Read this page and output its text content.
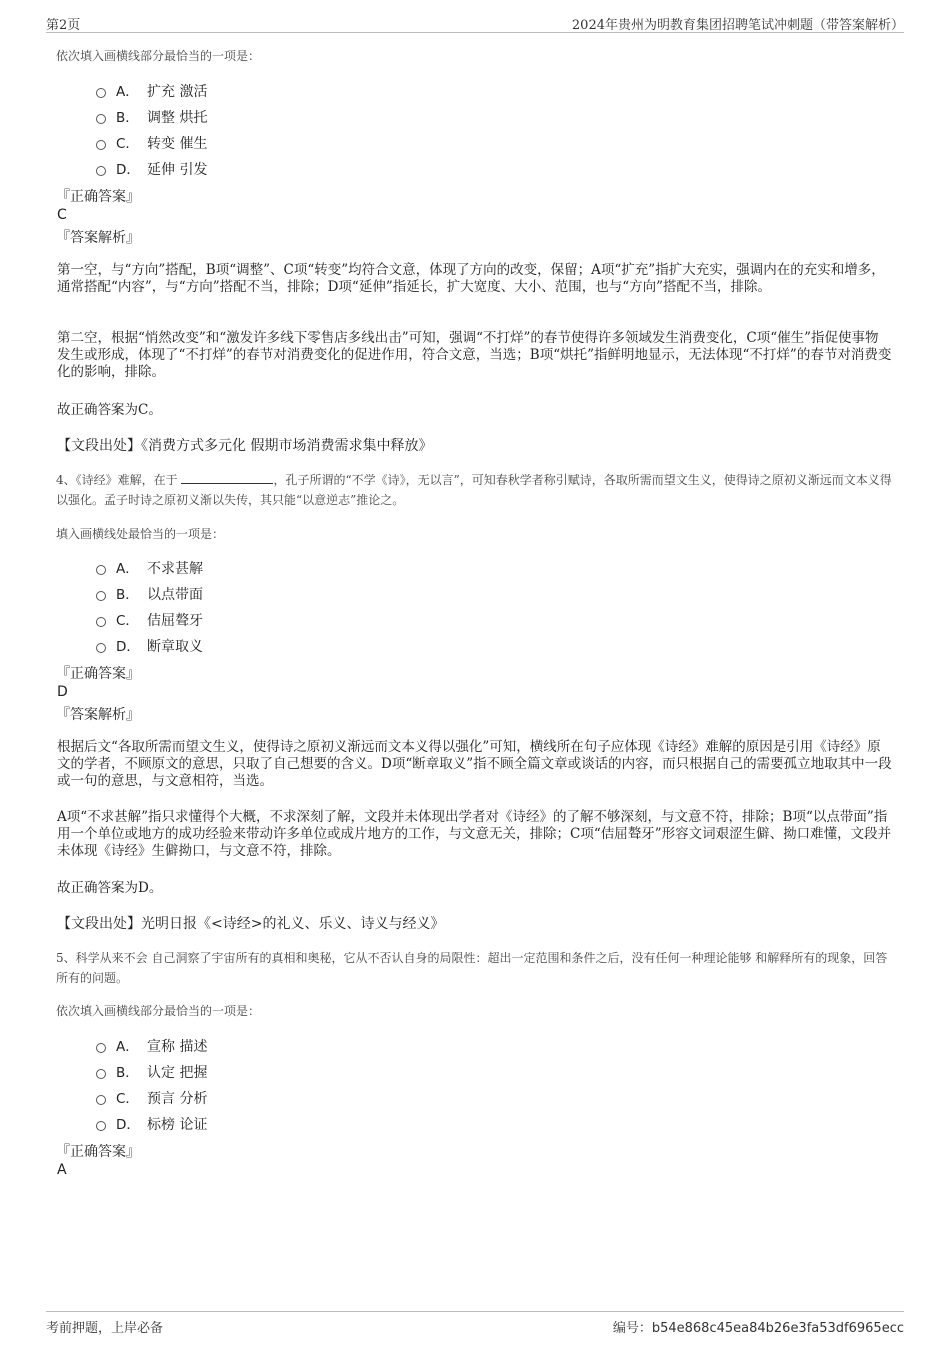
第2页	2024年贵州为明教育集团招聘笔试冲刺题（带答案解析）
依次填入画横线部分最恰当的一项是：
A． 扩充 激活
B． 调整 烘托
C． 转变 催生
D． 延伸 引发
『正确答案』
C
『答案解析』
第一空，与“方向”搭配，B项“调整”、C项“转变”均符合文意，体现了方向的改变，保留；A项“扩充”指扩大充实，强调内在的充实和增多，通常搭配“内容”，与“方向”搭配不当，排除；D项“延伸”指延长，扩大宽度、大小、范围，也与“方向”搭配不当，排除。
第二空，根据“悄然改变”和“激发许多线下零售店多线出击”可知，强调“不打烊”的春节使得许多领域发生消费变化，C项“催生”指促使事物发生或形成，体现了“不打烊”的春节对消费变化的促进作用，符合文意，当选；B项“烘托”指鲜明地显示，无法体现“不打烊”的春节对消费变化的影响，排除。
故正确答案为C。
【文段出处】《消费方式多元化 假期市场消费需求集中释放》
4、《诗经》难解，在于	，孔子所谓的“不学《诗》，无以言”，可知春秋学者称引赋诗，各取所需而望文生义，使得诗之原初义渐远而文本义得以强化。孟子时诗之原初义渐以失传，其只能“以意逆志”推论之。
填入画横线处最恰当的一项是：
A． 不求甚解
B． 以点带面
C． 佶屈聱牙
D． 断章取义
『正确答案』
D
『答案解析』
根据后文“各取所需而望文生义，使得诗之原初义渐远而文本义得以强化”可知，横线所在句子应体现《诗经》难解的原因是引用《诗经》原文的学者，不顾原文的意思，只取了自己想要的含义。D项“断章取义”指不顾全篇文章或谈话的内容，而只根据自己的需要孤立地取其中一段或一句的意思，与文意相符，当选。
A项“不求甚解”指只求懂得个大概，不求深刻了解，文段并未体现出学者对《诗经》的了解不够深刻，与文意不符，排除；B项“以点带面”指用一个单位或地方的成功经验来带动许多单位或成片地方的工作，与文意无关，排除；C项“佶屈聱牙”形容文词艰涩生僻、拗口难懂，文段并未体现《诗经》生僻拗口，与文意不符，排除。
故正确答案为D。
【文段出处】光明日报《<诗经>的礼义、乐义、诗义与经义》
5、科学从来不会 自己洞察了宇宙所有的真相和奥秘，它从不否认自身的局限性：超出一定范围和条件之后，没有任何一种理论能够 和解释所有的现象，回答所有的问题。
依次填入画横线部分最恰当的一项是：
A． 宣称 描述
B． 认定 把握
C． 预言 分析
D． 标榜 论证
『正确答案』
A
考前押题，上岸必备	编号：b54e868c45ea84b26e3fa53df6965ecc
